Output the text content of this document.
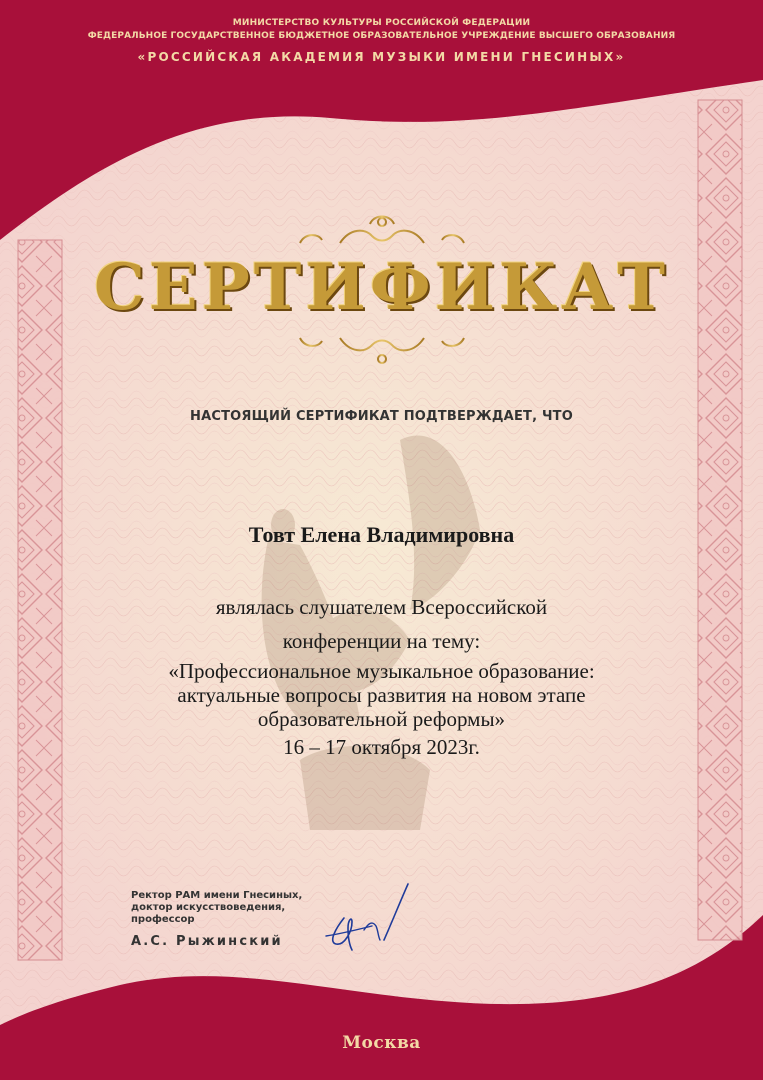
МИНИСТЕРСТВО КУЛЬТУРЫ РОССИЙСКОЙ ФЕДЕРАЦИИ
ФЕДЕРАЛЬНОЕ ГОСУДАРСТВЕННОЕ БЮДЖЕТНОЕ ОБРАЗОВАТЕЛЬНОЕ УЧРЕЖДЕНИЕ ВЫСШЕГО ОБРАЗОВАНИЯ
«РОССИЙСКАЯ АКАДЕМИЯ МУЗЫКИ ИМЕНИ ГНЕСИНЫХ»
СЕРТИФИКАТ
НАСТОЯЩИЙ СЕРТИФИКАТ ПОДТВЕРЖДАЕТ, ЧТО
Товт Елена Владимировна
являлась слушателем Всероссийской
конференции на тему:
«Профессиональное музыкальное образование:
актуальные вопросы развития на новом этапе
образовательной реформы»
16 – 17 октября 2023г.
Ректор РАМ имени Гнесиных,
доктор искусствоведения,
профессор
А.С. Рыжинский
Москва
